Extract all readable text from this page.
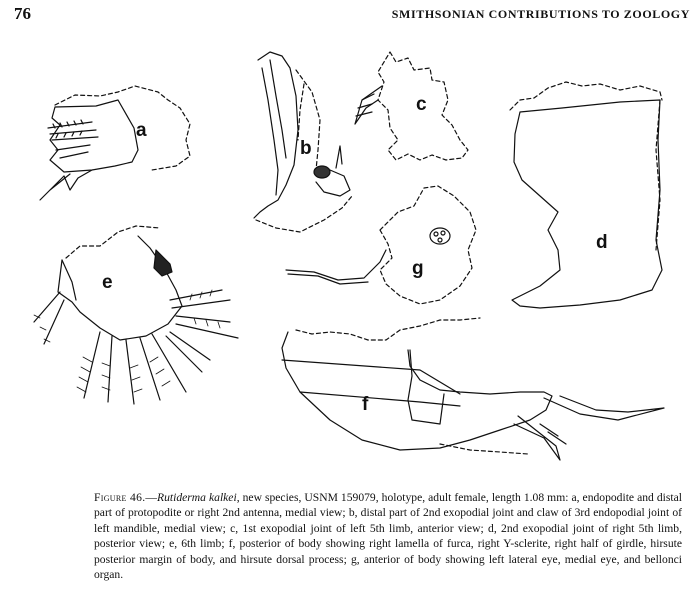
76	SMITHSONIAN CONTRIBUTIONS TO ZOOLOGY
a
b
c
d
e
f
g
Figure 46.—Rutiderma kalkei, new species, USNM 159079, holotype, adult female, length 1.08 mm: a, endopodite and distal part of protopodite or right 2nd antenna, medial view; b, distal part of 2nd exopodial joint and claw of 3rd endopodial joint of left mandible, medial view; c, 1st exopodial joint of left 5th limb, anterior view; d, 2nd exopodial joint of right 5th limb, posterior view; e, 6th limb; f, posterior of body showing right lamella of furca, right Y-sclerite, right half of girdle, hirsute posterior margin of body, and hirsute dorsal process; g, anterior of body showing left lateral eye, medial eye, and bellonci organ.
